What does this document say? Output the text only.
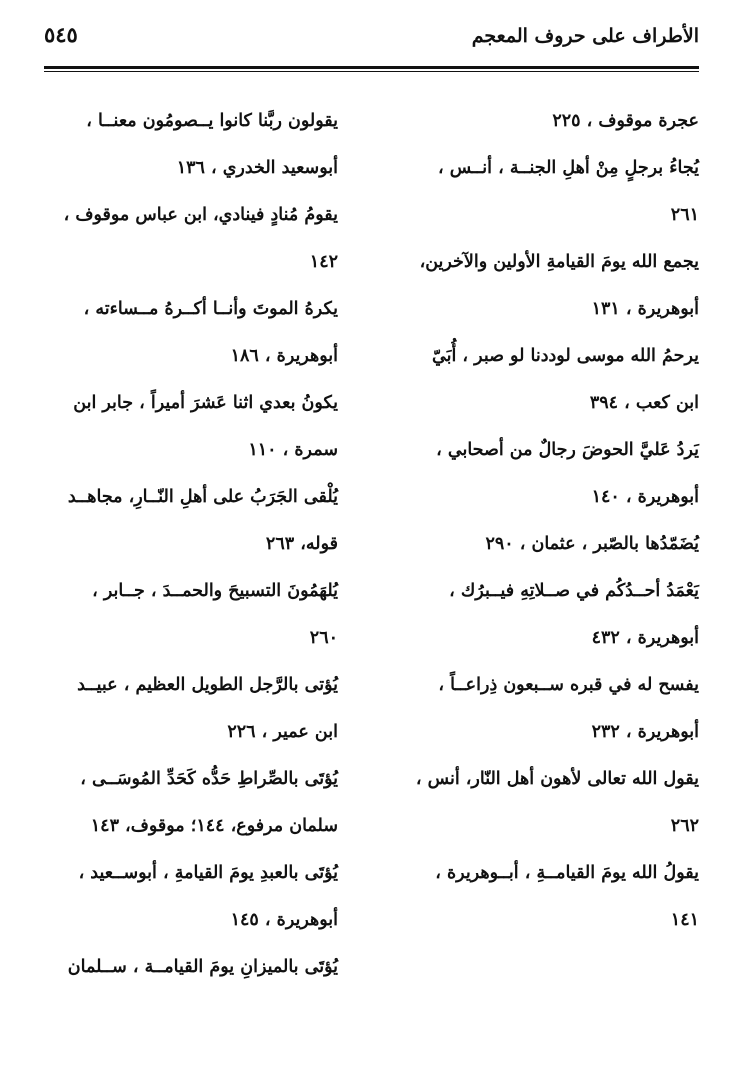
الأطراف على حروف المعجم
٥٤٥

عجرة موقوف ، ٢٢٥

يُجاءُ برجلٍ مِنْ أهلِ الجنــة ، أنــس ،

٢٦١

يجمع الله يومَ القيامةِ الأولين والآخرين،

أبوهريرة ، ١٣١

يرحمُ الله موسى لوددنا لو صبر ، أُبَيّ

ابن كعب ، ٣٩٤

يَردُ عَليَّ الحوضَ رجالٌ من أصحابي ،

أبوهريرة ، ١٤٠

يُضَمّدُها بالصّبر ، عثمان ، ٢٩٠

يَعْمَدُ أحــدُكُم في صــلاتِهِ فيــبرُك ،

أبوهريرة ، ٤٣٢

يفسح له في قبره ســبعون ذِراعــاً ،

أبوهريرة ، ٢٣٢

يقول الله تعالى لأهون أهل النّار، أنس ،

٢٦٢

يقولُ الله يومَ القيامــةِ ، أبــوهريرة ،

١٤١

يقولون ربَّنا كانوا يــصومُون معنــا ،

أبوسعيد الخدري ، ١٣٦

يقومُ مُنادٍ فينادي، ابن عباس موقوف ،

١٤٢

يكرهُ الموتَ وأنــا أكــرهُ مــساءته ،

أبوهريرة ، ١٨٦

يكونُ بعدي اثنا عَشرَ أميراً ، جابر ابن

سمرة ، ١١٠

يُلْقى الجَرَبُ على أهلِ النّــارِ، مجاهــد

قوله، ٢٦٣

يُلهَمُونَ التسبيحَ والحمــدَ ، جــابر ،

٢٦٠

يُؤتى بالرَّجل الطويل العظيم ، عبيــد

ابن عمير ، ٢٢٦

يُؤتَى بالصِّراطِ حَدُّه كَحَدِّ المُوسَــى ،

سلمان مرفوع، ١٤٤؛ موقوف، ١٤٣

يُؤتَى بالعبدِ يومَ القيامةِ ، أبوســعيد ،

أبوهريرة ، ١٤٥

يُؤتَى بالميزانِ يومَ القيامــة ، ســلمان
